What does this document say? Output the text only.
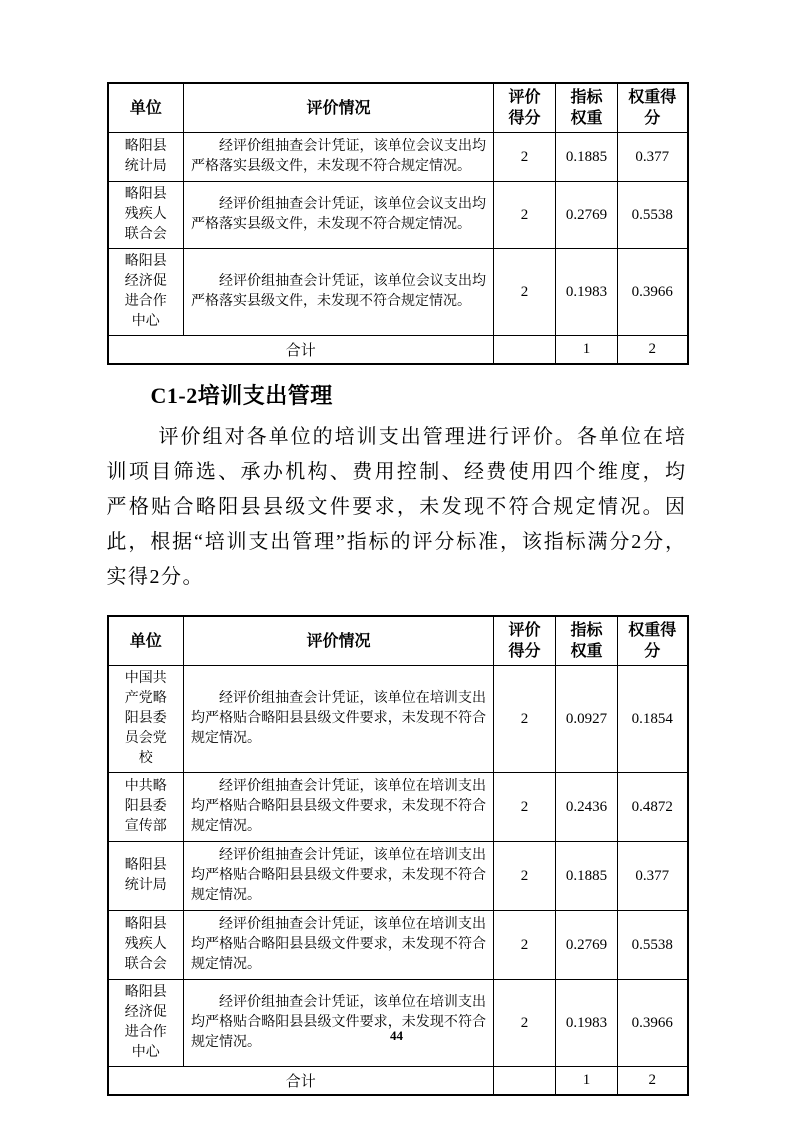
单位	评价情况	评价得分	指标权重	权重得分
略阳县统计局	经评价组抽查会计凭证，该单位会议支出均严格落实县级文件，未发现不符合规定情况。	2	0.1885	0.377
略阳县残疾人联合会	经评价组抽查会计凭证，该单位会议支出均严格落实县级文件，未发现不符合规定情况。	2	0.2769	0.5538
略阳县经济促进合作中心	经评价组抽查会计凭证，该单位会议支出均严格落实县级文件，未发现不符合规定情况。	2	0.1983	0.3966
合计			1	2
C1-2培训支出管理

评价组对各单位的培训支出管理进行评价。各单位在培训项目筛选、承办机构、费用控制、经费使用四个维度，均严格贴合略阳县县级文件要求，未发现不符合规定情况。因此，根据“培训支出管理”指标的评分标准，该指标满分2分，实得2分。

单位	评价情况	评价得分	指标权重	权重得分
中国共产党略阳县委员会党校	经评价组抽查会计凭证，该单位在培训支出均严格贴合略阳县县级文件要求，未发现不符合规定情况。	2	0.0927	0.1854
中共略阳县委宣传部	经评价组抽查会计凭证，该单位在培训支出均严格贴合略阳县县级文件要求，未发现不符合规定情况。	2	0.2436	0.4872
略阳县统计局	经评价组抽查会计凭证，该单位在培训支出均严格贴合略阳县县级文件要求，未发现不符合规定情况。	2	0.1885	0.377
略阳县残疾人联合会	经评价组抽查会计凭证，该单位在培训支出均严格贴合略阳县县级文件要求，未发现不符合规定情况。	2	0.2769	0.5538
略阳县经济促进合作中心	经评价组抽查会计凭证，该单位在培训支出均严格贴合略阳县县级文件要求，未发现不符合规定情况。	2	0.1983	0.3966
合计			1	2
44
